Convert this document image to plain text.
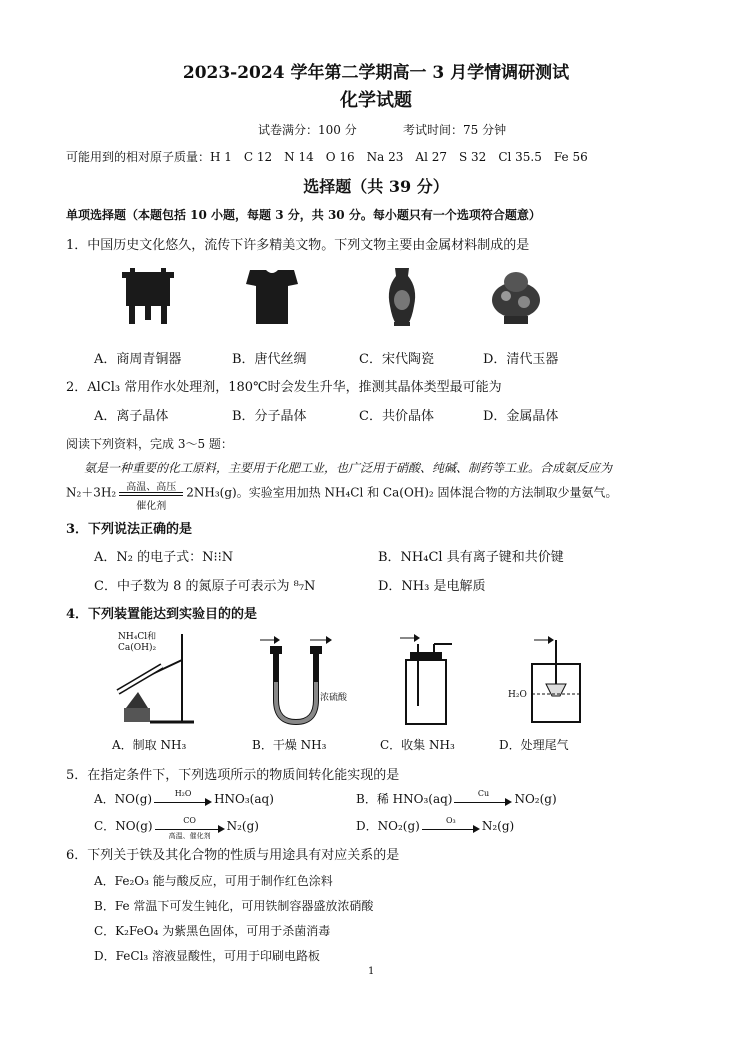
2023-2024 学年第二学期高一 3 月学情调研测试
化学试题
试卷满分：100 分	考试时间：75 分钟
可能用到的相对原子质量：H 1　C 12　N 14　O 16　Na 23　Al 27　S 32　Cl 35.5　Fe 56
选择题（共 39 分）
单项选择题（本题包括 10 小题，每题 3 分，共 30 分。每小题只有一个选项符合题意）
1．中国历史文化悠久，流传下许多精美文物。下列文物主要由金属材料制成的是
A．商周青铜器	B．唐代丝绸	C．宋代陶瓷	D．清代玉器
2．AlCl₃ 常用作水处理剂，180℃时会发生升华，推测其晶体类型最可能为
A．离子晶体	B．分子晶体	C．共价晶体	D．金属晶体
阅读下列资料，完成 3～5 题：
氨是一种重要的化工原料，主要用于化肥工业，也广泛用于硝酸、纯碱、制药等工业。合成氨反应为
N₂＋3H₂	高温、高压
催化剂
2NH₃(g)。实验室用加热 NH₄Cl 和 Ca(OH)₂ 固体混合物的方法制取少量氨气。
3．下列说法正确的是
A．N₂ 的电子式：N⁝⁝N	B．NH₄Cl 具有离子键和共价键
C．中子数为 8 的氮原子可表示为 ⁸₇N	D．NH₃ 是电解质
4．下列装置能达到实验目的的是
NH₄Cl和
Ca(OH)₂
浓硫酸	H₂O
A．制取 NH₃	B．干燥 NH₃	C．收集 NH₃	D．处理尾气
5．在指定条件下，下列选项所示的物质间转化能实现的是
A．NO(g)	H₂O	HNO₃(aq)	B．稀 HNO₃(aq)	Cu	NO₂(g)
C．NO(g)	CO
高温、催化剂
N₂(g)	D．NO₂(g)	O₃	N₂(g)
6．下列关于铁及其化合物的性质与用途具有对应关系的是
A．Fe₂O₃ 能与酸反应，可用于制作红色涂料
B．Fe 常温下可发生钝化，可用铁制容器盛放浓硝酸
C．K₂FeO₄ 为紫黑色固体，可用于杀菌消毒
D．FeCl₃ 溶液显酸性，可用于印刷电路板
1
